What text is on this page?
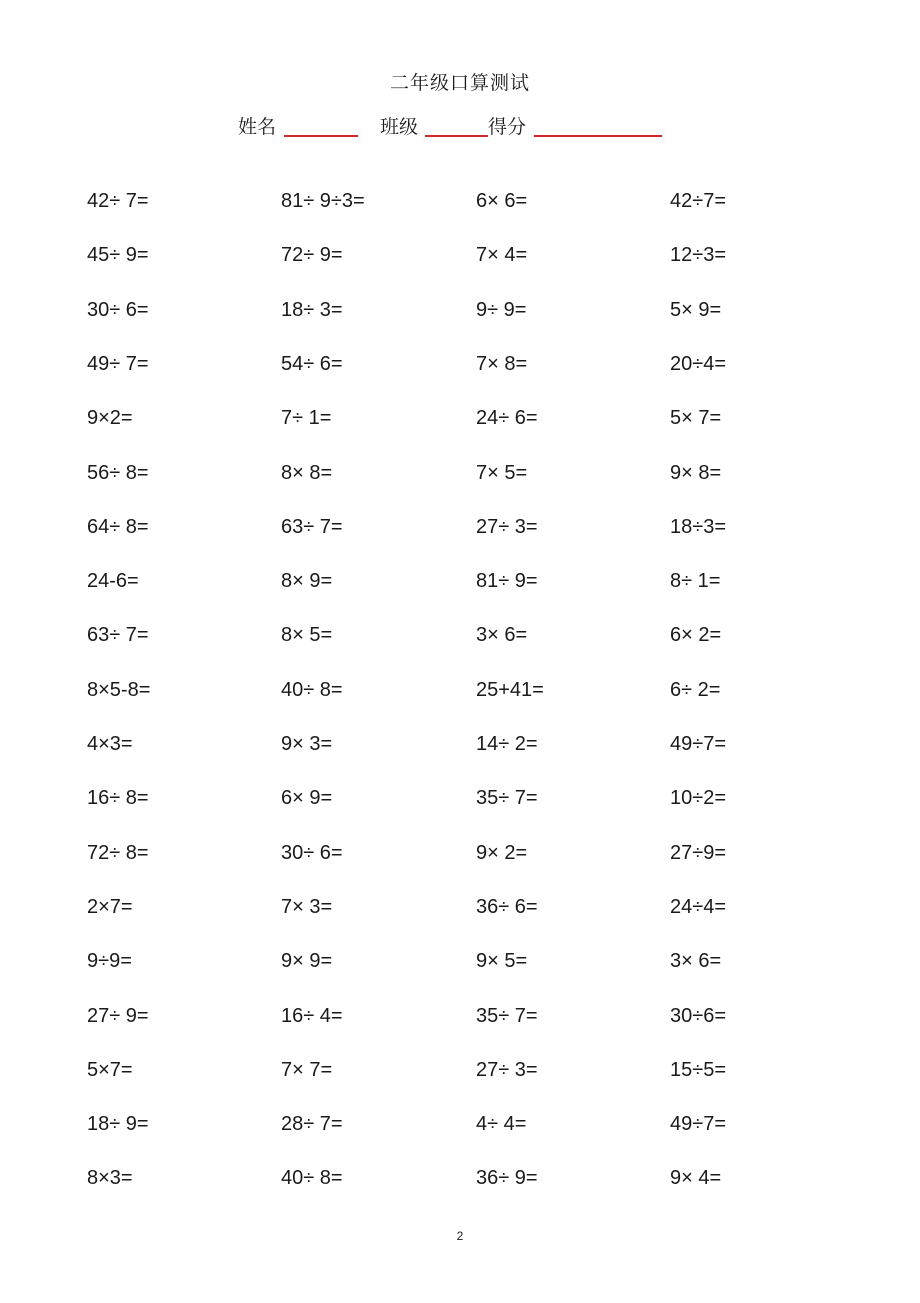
二年级口算测试
姓名	班级	得分
42÷ 7=	81÷ 9÷3=	6× 6=	42÷7=
45÷ 9=	72÷ 9=	7× 4=	12÷3=
30÷ 6=	18÷ 3=	9÷ 9=	5× 9=
49÷ 7=	54÷ 6=	7× 8=	20÷4=
9×2=	7÷ 1=	24÷ 6=	5× 7=
56÷ 8=	8× 8=	7× 5=	9× 8=
64÷ 8=	63÷ 7=	27÷ 3=	18÷3=
24-6=	8× 9=	81÷ 9=	8÷ 1=
63÷ 7=	8× 5=	3× 6=	6× 2=
8×5-8=	40÷ 8=	25+41=	6÷ 2=
4×3=	9× 3=	14÷ 2=	49÷7=
16÷ 8=	6× 9=	35÷ 7=	10÷2=
72÷ 8=	30÷ 6=	9× 2=	27÷9=
2×7=	7× 3=	36÷ 6=	24÷4=
9÷9=	9× 9=	9× 5=	3× 6=
27÷ 9=	16÷ 4=	35÷ 7=	30÷6=
5×7=	7× 7=	27÷ 3=	15÷5=
18÷ 9=	28÷ 7=	4÷ 4=	49÷7=
8×3=	40÷ 8=	36÷ 9=	9× 4=
2
